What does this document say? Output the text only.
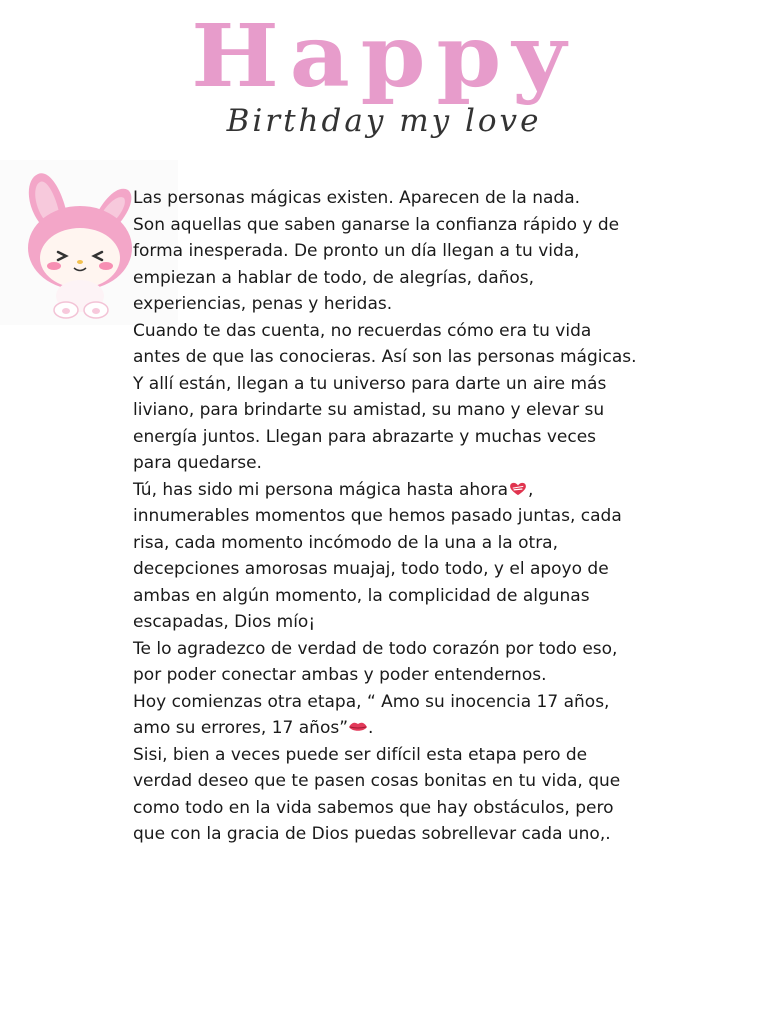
Happy
Birthday my love

Las personas mágicas existen. Aparecen de la nada.

Son aquellas que saben ganarse la confianza rápido y de

forma inesperada. De pronto un día llegan a tu vida,

empiezan a hablar de todo, de alegrías, daños,

experiencias, penas y heridas.

Cuando te das cuenta, no recuerdas cómo era tu vida

antes de que las conocieras. Así son las personas mágicas.

Y allí están, llegan a tu universo para darte un aire más

liviano, para brindarte su amistad, su mano y elevar su

energía juntos. Llegan para abrazarte y muchas veces

para quedarse.

Tú, has sido mi persona mágica hasta ahora ,

innumerables momentos que hemos pasado juntas, cada

risa, cada momento incómodo de la una a la otra,

decepciones amorosas muajaj, todo todo, y el apoyo de

ambas en algún momento, la complicidad de algunas

escapadas, Dios mío¡

Te lo agradezco de verdad de todo corazón por todo eso,

por poder conectar ambas y poder entendernos.

Hoy comienzas otra etapa, “ Amo su inocencia 17 años,

amo su errores, 17 años” .

Sisi, bien a veces puede ser difícil esta etapa pero de

verdad deseo que te pasen cosas bonitas en tu vida, que

como todo en la vida sabemos que hay obstáculos, pero

que con la gracia de Dios puedas sobrellevar cada uno,.
